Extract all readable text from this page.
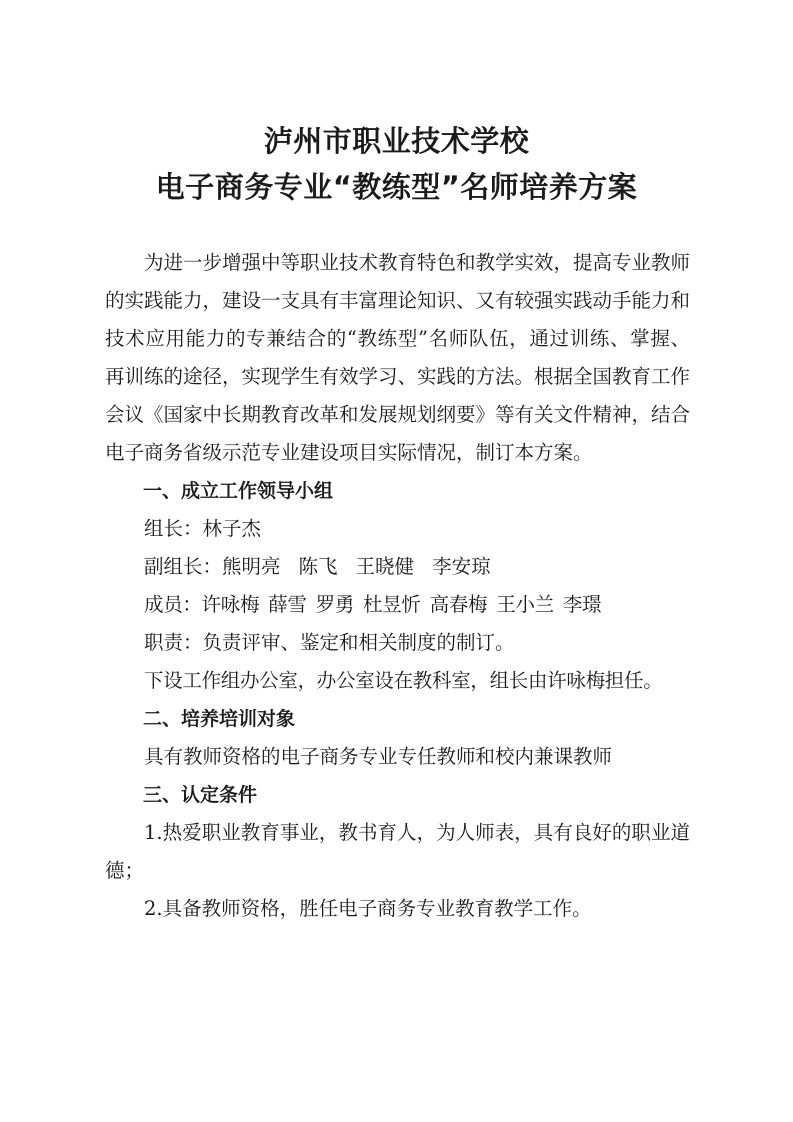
泸州市职业技术学校
电子商务专业“教练型”名师培养方案

为进一步增强中等职业技术教育特色和教学实效，提高专业教师的实践能力，建设一支具有丰富理论知识、又有较强实践动手能力和技术应用能力的专兼结合的“教练型”名师队伍，通过训练、掌握、再训练的途径，实现学生有效学习、实践的方法。根据全国教育工作会议《国家中长期教育改革和发展规划纲要》等有关文件精神，结合电子商务省级示范专业建设项目实际情况，制订本方案。

一、成立工作领导小组

组长：林子杰

副组长：熊明亮 陈飞 王晓健 李安琼

成员：许咏梅 薛雪 罗勇 杜昱忻 高春梅 王小兰 李璟

职责：负责评审、鉴定和相关制度的制订。

下设工作组办公室，办公室设在教科室，组长由许咏梅担任。

二、培养培训对象

具有教师资格的电子商务专业专任教师和校内兼课教师

三、认定条件

1.热爱职业教育事业，教书育人，为人师表，具有良好的职业道德；

2.具备教师资格，胜任电子商务专业教育教学工作。
